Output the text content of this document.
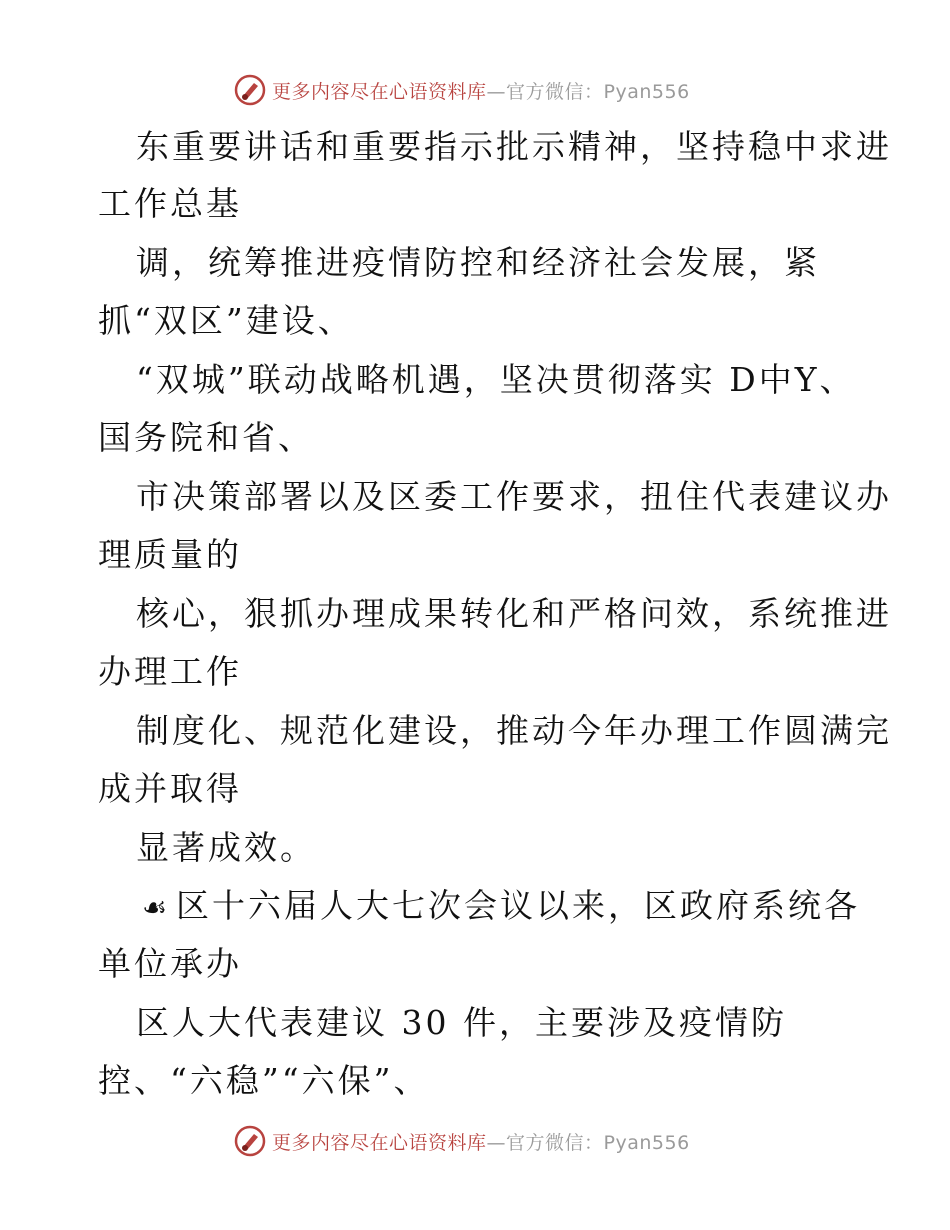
更多内容尽在心语资料库 —官方微信：Pyan556
东重要讲话和重要指示批示精神，坚持稳中求进
工作总基
调，统筹推进疫情防控和经济社会发展，紧
抓“双区”建设、
“双城”联动战略机遇，坚决贯彻落实 D中Y、
国务院和省、
市决策部署以及区委工作要求，扭住代表建议办
理质量的
核心，狠抓办理成果转化和严格问效，系统推进
办理工作
制度化、规范化建设，推动今年办理工作圆满完
成并取得
显著成效。
☙ 区十六届人大七次会议以来，区政府系统各
单位承办
区人大代表建议 30 件，主要涉及疫情防
控、“六稳”“六保”、
更多内容尽在心语资料库 —官方微信：Pyan556
